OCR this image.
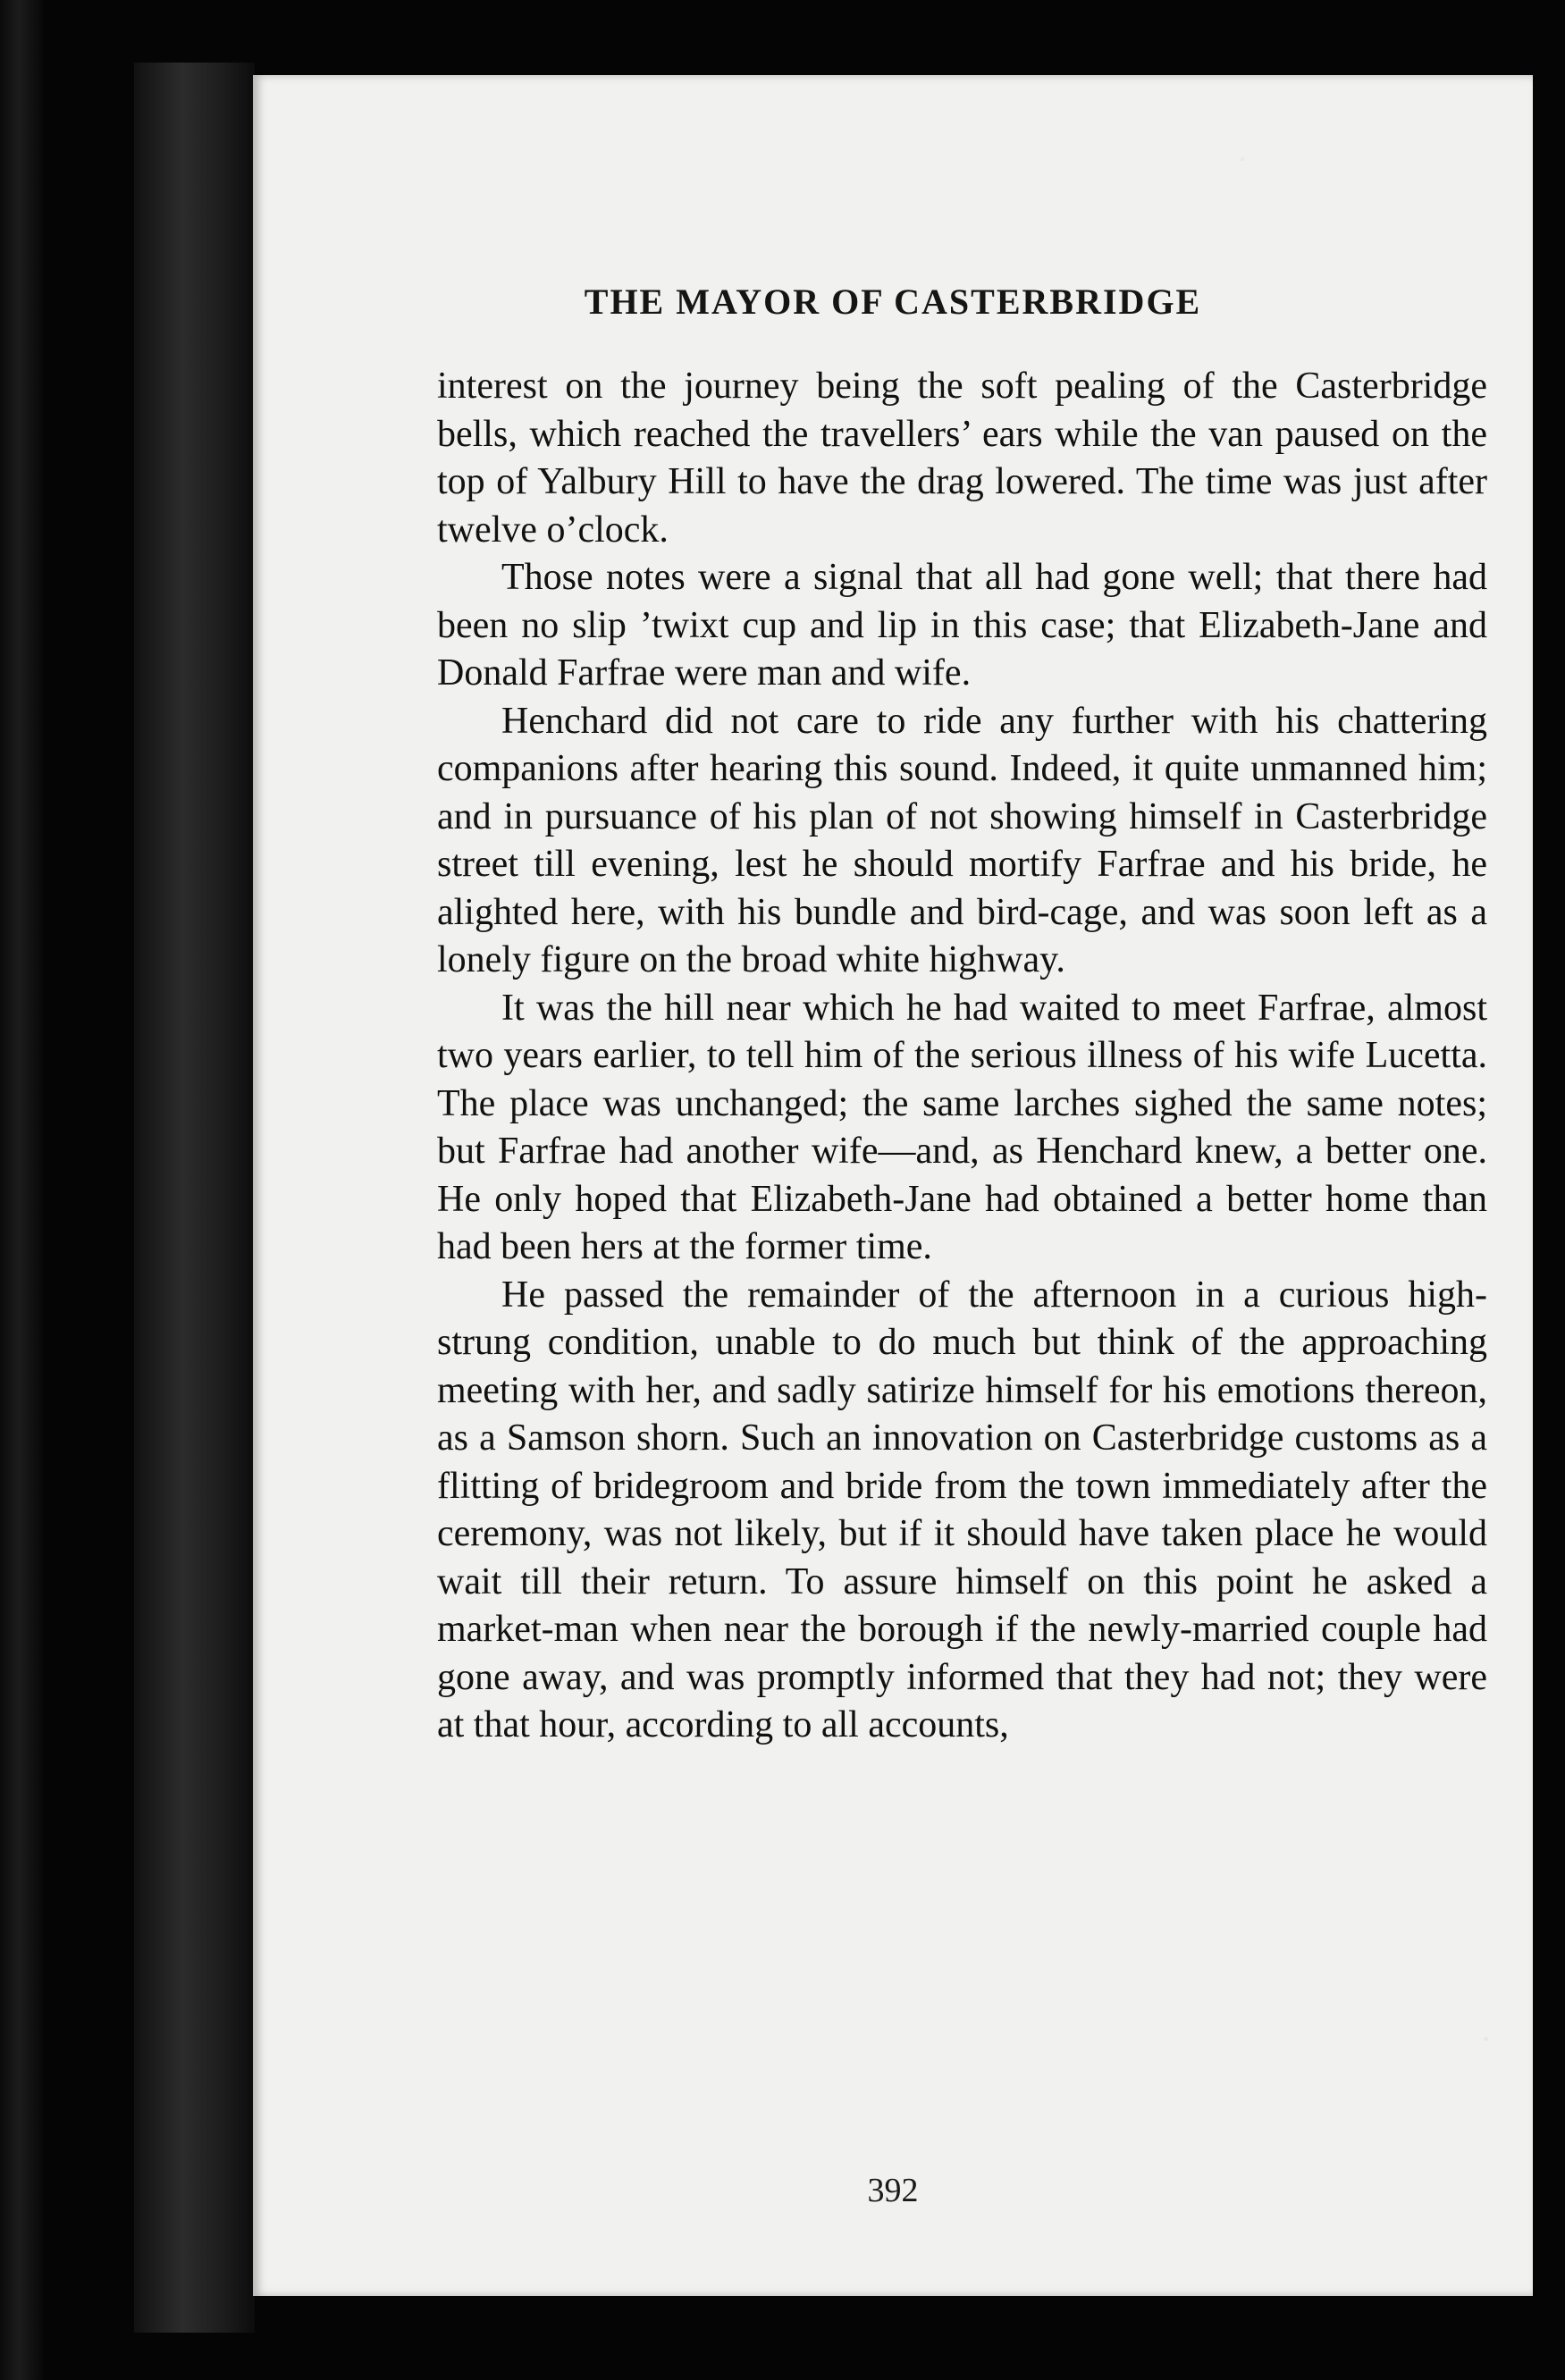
THE MAYOR OF CASTERBRIDGE

interest on the journey being the soft pealing of the Casterbridge bells, which reached the travellers’ ears while the van paused on the top of Yalbury Hill to have the drag lowered. The time was just after twelve o’clock.

Those notes were a signal that all had gone well; that there had been no slip ’twixt cup and lip in this case; that Elizabeth-Jane and Donald Farfrae were man and wife.

Henchard did not care to ride any further with his chattering companions after hearing this sound. Indeed, it quite unmanned him; and in pursuance of his plan of not showing himself in Casterbridge street till evening, lest he should mortify Farfrae and his bride, he alighted here, with his bundle and bird-cage, and was soon left as a lonely figure on the broad white highway.

It was the hill near which he had waited to meet Farfrae, almost two years earlier, to tell him of the serious illness of his wife Lucetta. The place was unchanged; the same larches sighed the same notes; but Farfrae had another wife—and, as Henchard knew, a better one. He only hoped that Elizabeth-Jane had obtained a better home than had been hers at the former time.

He passed the remainder of the afternoon in a curious high-strung condition, unable to do much but think of the approaching meeting with her, and sadly satirize himself for his emotions thereon, as a Samson shorn. Such an innovation on Casterbridge customs as a flitting of bridegroom and bride from the town immediately after the ceremony, was not likely, but if it should have taken place he would wait till their return. To assure himself on this point he asked a market-man when near the borough if the newly-married couple had gone away, and was promptly informed that they had not; they were at that hour, according to all accounts,

392
